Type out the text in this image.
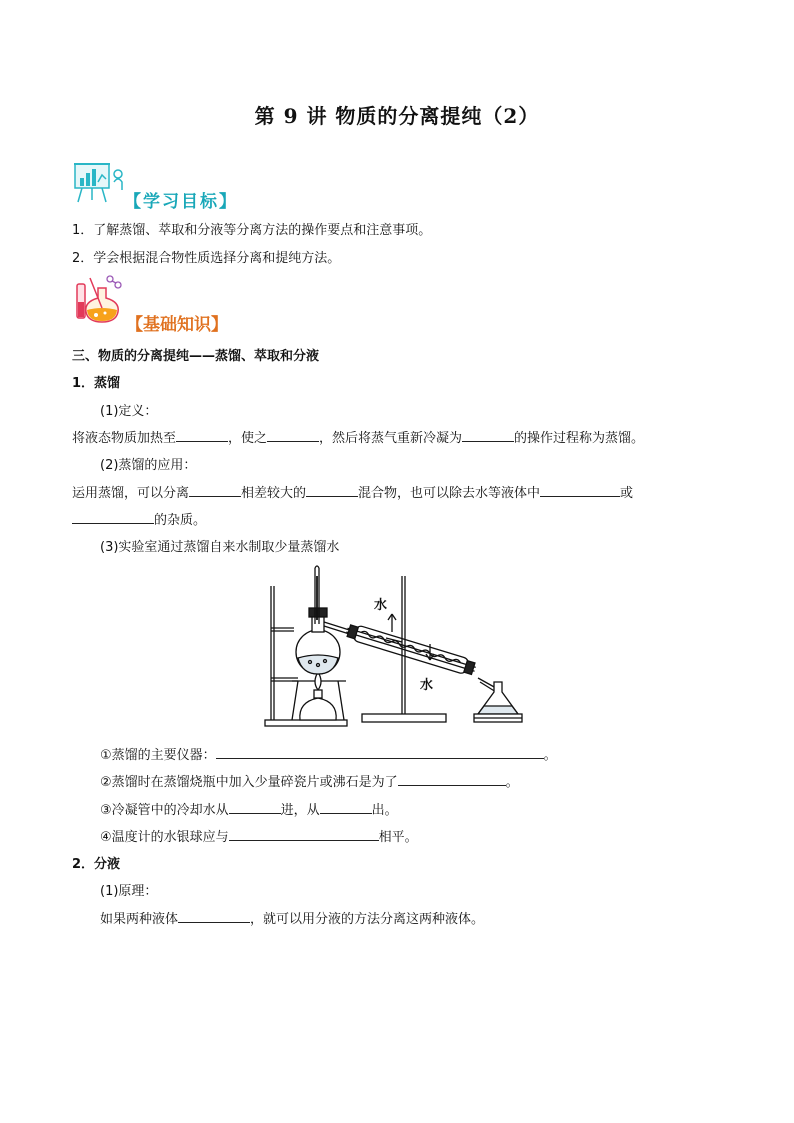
第 9 讲 物质的分离提纯（2）
【学习目标】
1．了解蒸馏、萃取和分液等分离方法的操作要点和注意事项。
2．学会根据混合物性质选择分离和提纯方法。
【基础知识】
三、物质的分离提纯——蒸馏、萃取和分液
1．蒸馏
(1)定义：
将液态物质加热至	，使之	，然后将蒸气重新冷凝为	的操作过程称为蒸馏。
(2)蒸馏的应用：
运用蒸馏，可以分离	相差较大的	混合物，也可以除去水等液体中	或
的杂质。
(3)实验室通过蒸馏自来水制取少量蒸馏水
水
水
①蒸馏的主要仪器：	。
②蒸馏时在蒸馏烧瓶中加入少量碎瓷片或沸石是为了	。
③冷凝管中的冷却水从	进，从	出。
④温度计的水银球应与	相平。
2．分液
(1)原理：
如果两种液体	，就可以用分液的方法分离这两种液体。
